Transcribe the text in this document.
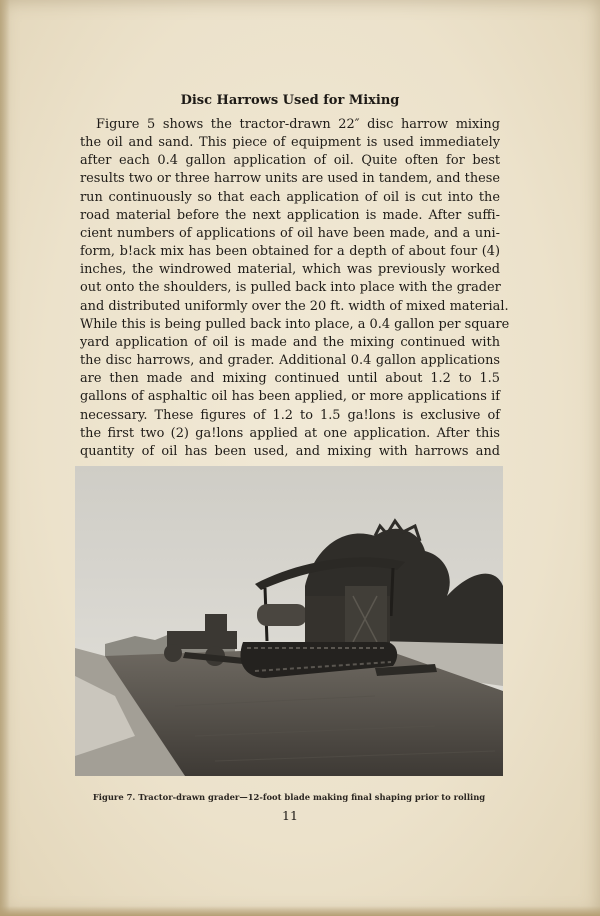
Disc Harrows Used for Mixing
Figure 5 shows the tractor-drawn 22″ disc harrow mixing
the oil and sand. This piece of equipment is used immediately
after each 0.4 gallon application of oil. Quite often for best
results two or three harrow units are used in tandem, and these
run continuously so that each application of oil is cut into the
road material before the next application is made. After suffi-
cient numbers of applications of oil have been made, and a uni-
form, b!ack mix has been obtained for a depth of about four (4)
inches, the windrowed material, which was previously worked
out onto the shoulders, is pulled back into place with the grader
and distributed uniformly over the 20 ft. width of mixed material.
While this is being pulled back into place, a 0.4 gallon per square
yard application of oil is made and the mixing continued with
the disc harrows, and grader. Additional 0.4 gallon applications
are then made and mixing continued until about 1.2 to 1.5
gallons of asphaltic oil has been applied, or more applications if
necessary. These figures of 1.2 to 1.5 ga!lons is exclusive of
the first two (2) ga!lons applied at one application. After this
quantity of oil has been used, and mixing with harrows and
Figure 7. Tractor-drawn grader—12-foot blade making final shaping prior to rolling
11
